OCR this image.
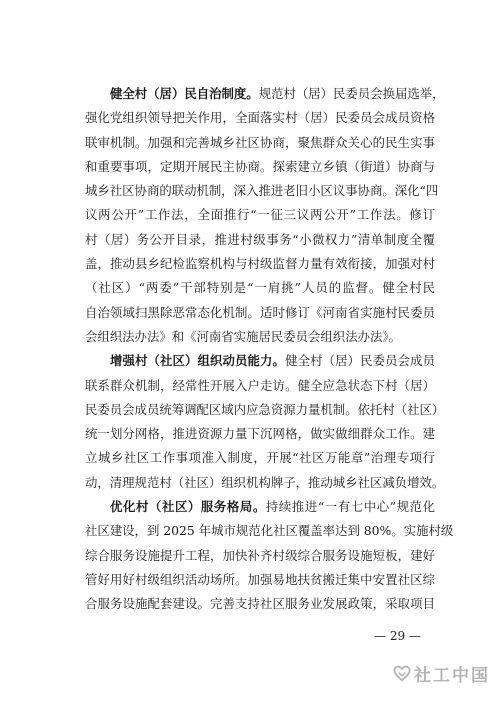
健全村（居）民自治制度。规范村（居）民委员会换届选举，
强化党组织领导把关作用，全面落实村（居）民委员会成员资格
联审机制。加强和完善城乡社区协商，聚焦群众关心的民生实事
和重要事项，定期开展民主协商。探索建立乡镇（街道）协商与
城乡社区协商的联动机制，深入推进老旧小区议事协商。深化“四
议两公开”工作法，全面推行“一征三议两公开”工作法。修订
村（居）务公开目录，推进村级事务“小微权力”清单制度全覆
盖，推动县乡纪检监察机构与村级监督力量有效衔接，加强对村
（社区）“两委”干部特别是“一肩挑”人员的监督。健全村民
自治领域扫黑除恶常态化机制。适时修订《河南省实施村民委员
会组织法办法》和《河南省实施居民委员会组织法办法》。
增强村（社区）组织动员能力。健全村（居）民委员会成员
联系群众机制，经常性开展入户走访。健全应急状态下村（居）
民委员会成员统筹调配区域内应急资源力量机制。依托村（社区）
统一划分网格，推进资源力量下沉网格，做实做细群众工作。建
立城乡社区工作事项准入制度，开展“社区万能章”治理专项行
动，清理规范村（社区）组织机构牌子，推动城乡社区减负增效。
优化村（社区）服务格局。持续推进“一有七中心”规范化
社区建设，到 2025 年城市规范化社区覆盖率达到 80%。实施村级
综合服务设施提升工程，加快补齐村级综合服务设施短板，建好
管好用好村级组织活动场所。加强易地扶贫搬迁集中安置社区综
合服务设施配套建设。完善支持社区服务业发展政策，采取项目
— 29 —
社工中国
